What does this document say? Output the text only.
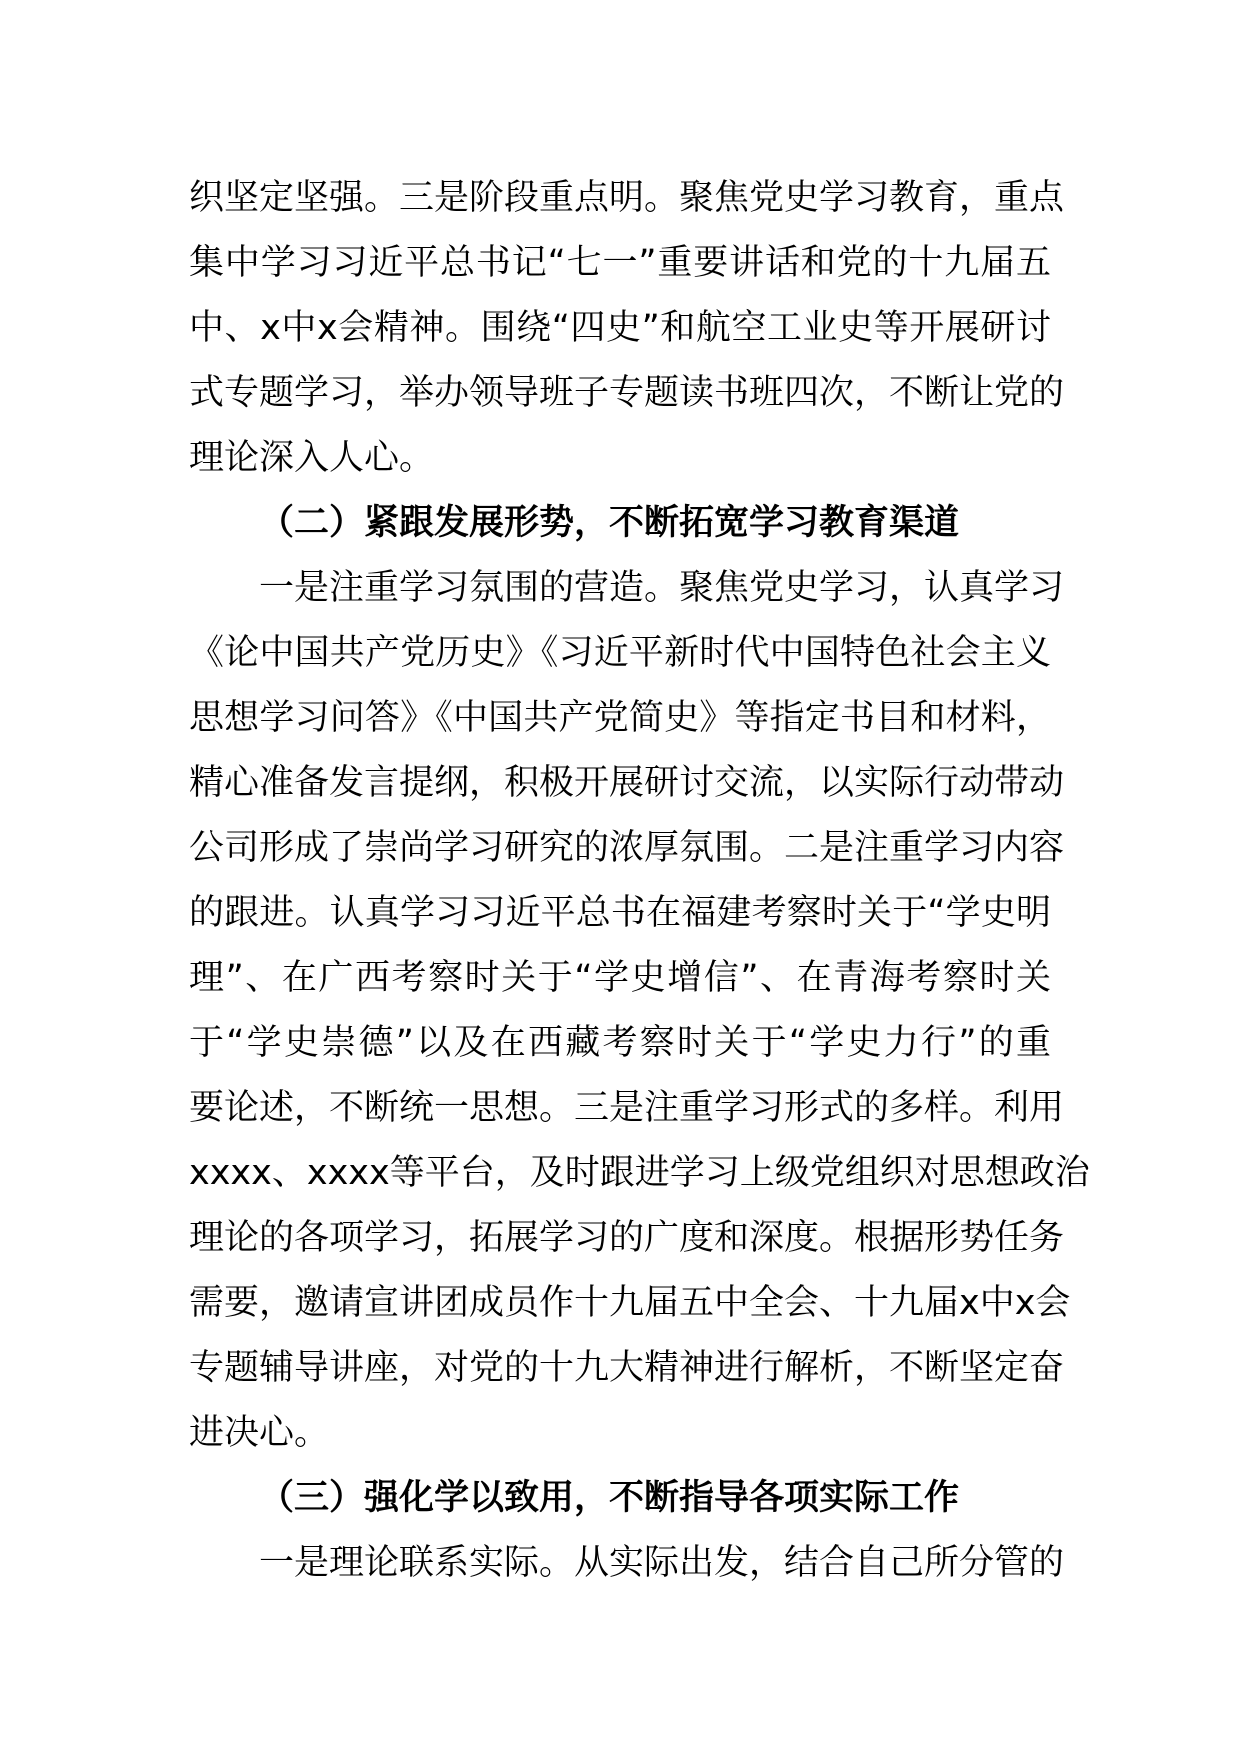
织坚定坚强。三是阶段重点明。聚焦党史学习教育，重点
集中学习习近平总书记“七一”重要讲话和党的十九届五
中、x中x会精神。围绕“四史”和航空工业史等开展研讨
式专题学习，举办领导班子专题读书班四次，不断让党的
理论深入人心。
（二）紧跟发展形势，不断拓宽学习教育渠道
一是注重学习氛围的营造。聚焦党史学习，认真学习
《论中国共产党历史》《习近平新时代中国特色社会主义
思想学习问答》《中国共产党简史》等指定书目和材料，
精心准备发言提纲，积极开展研讨交流，以实际行动带动
公司形成了崇尚学习研究的浓厚氛围。二是注重学习内容
的跟进。认真学习习近平总书在福建考察时关于“学史明
理”、在广西考察时关于“学史增信”、在青海考察时关
于“学史崇德”以及在西藏考察时关于“学史力行”的重
要论述，不断统一思想。三是注重学习形式的多样。利用
xxxx、xxxx等平台，及时跟进学习上级党组织对思想政治
理论的各项学习，拓展学习的广度和深度。根据形势任务
需要，邀请宣讲团成员作十九届五中全会、十九届x中x会
专题辅导讲座，对党的十九大精神进行解析，不断坚定奋
进决心。
（三）强化学以致用，不断指导各项实际工作
一是理论联系实际。从实际出发，结合自己所分管的
